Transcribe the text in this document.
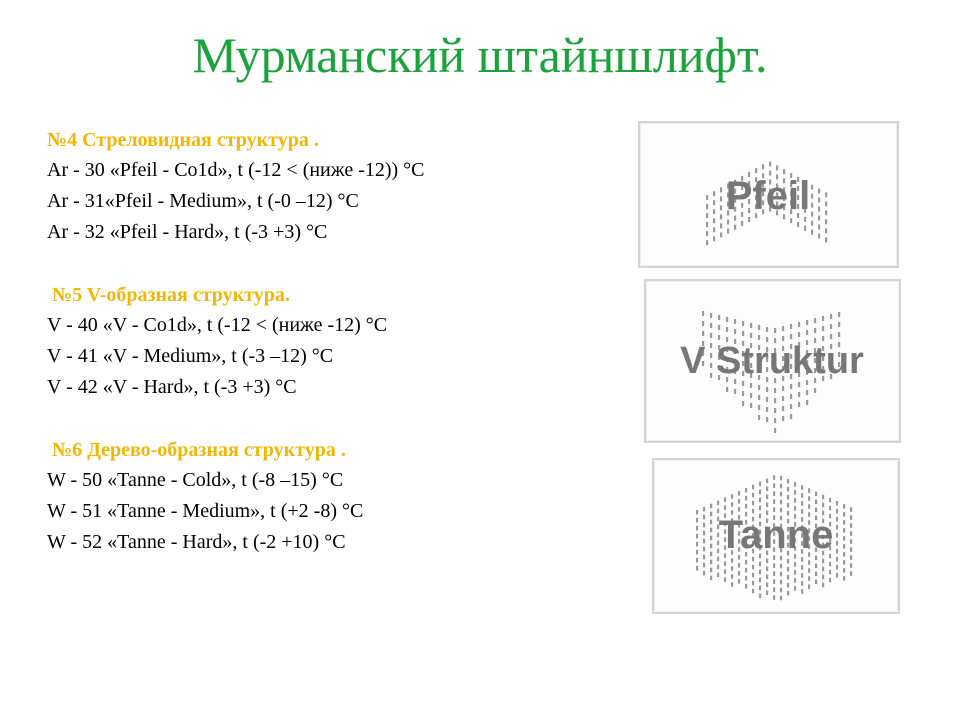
Мурманский штайншлифт.
№4 Стреловидная структура .
Ar - 30 «Pfeil - Co1d», t (-12 < (ниже -12)) °C
Ar - 31«Pfeil - Medium», t (-0 –12) °C
Ar - 32 «Pfeil - Hard», t (-3 +3) °C
№5 V-образная структура.
V - 40 «V - Co1d», t (-12 < (ниже -12) °C
V - 41 «V - Medium», t (-3 –12) °C
V - 42 «V - Hard», t (-3 +3) °C
№6 Дерево-образная структура .
W - 50 «Tanne - Cold», t (-8 –15) °C
W - 51 «Tanne - Medium», t (+2 -8) °C
W - 52 «Tanne - Hard», t (-2 +10) °C
Pfeil
V Struktur
Tanne
